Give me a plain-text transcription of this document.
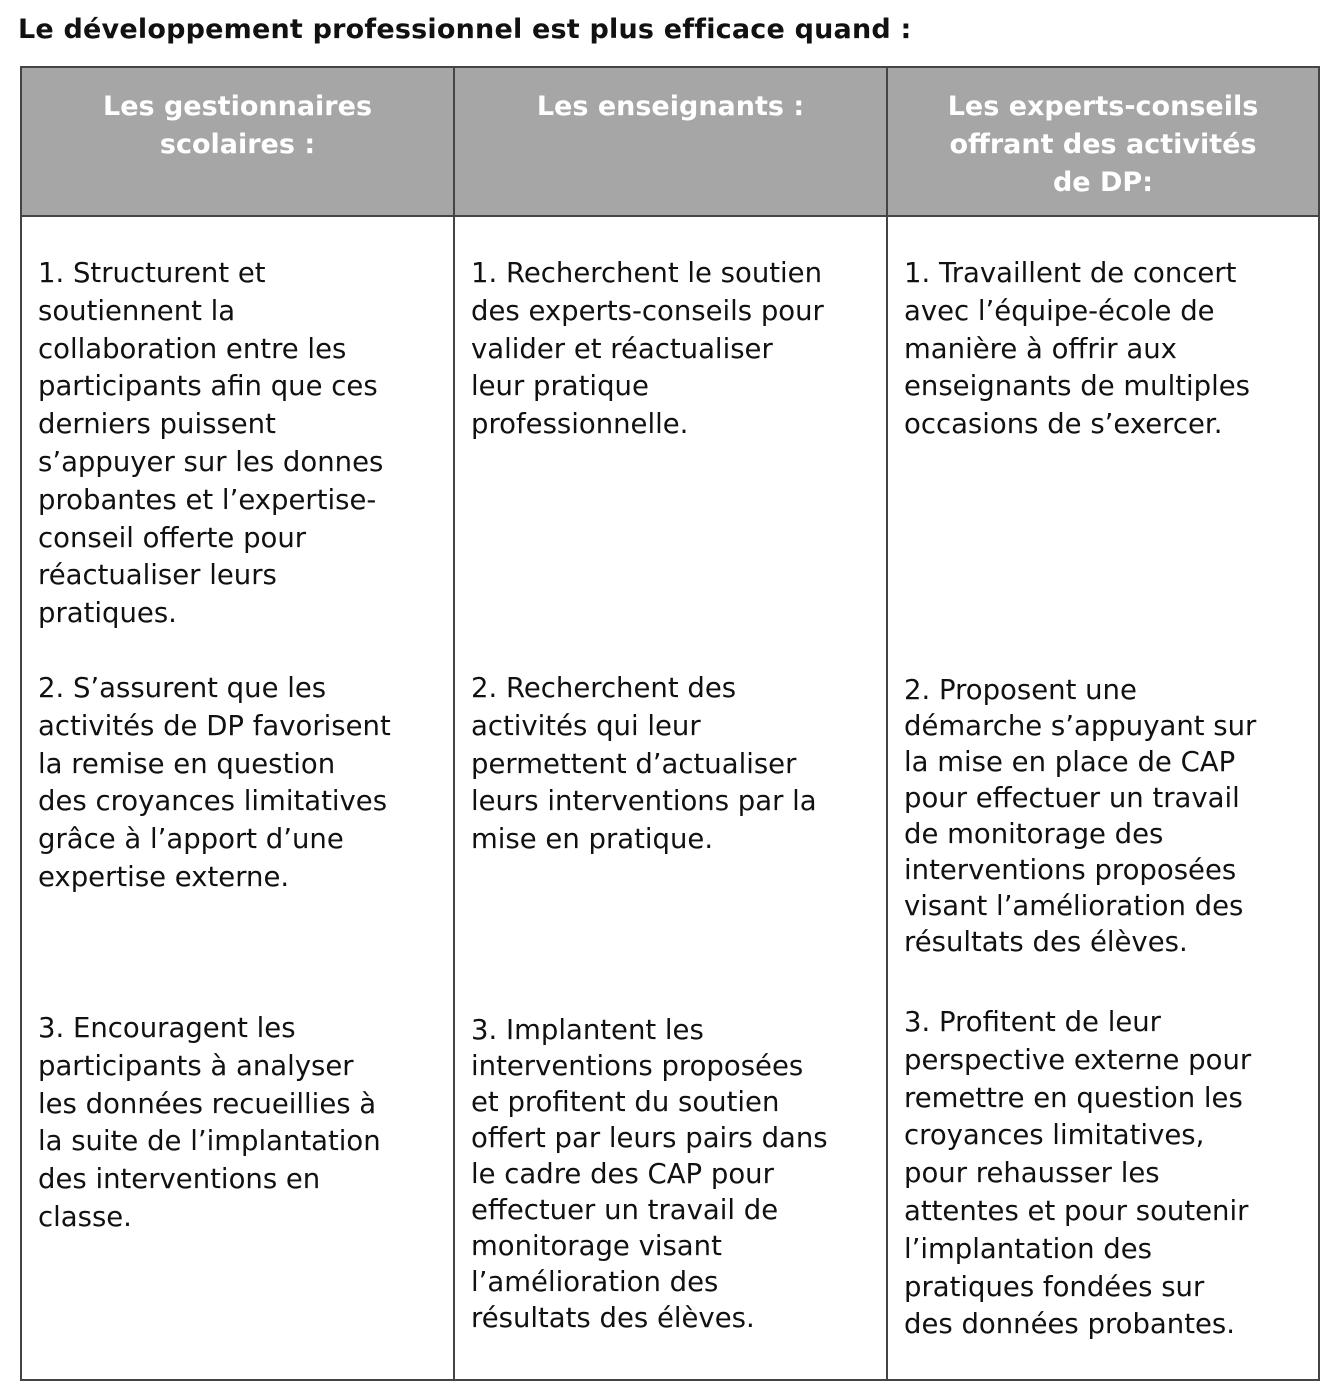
Le développement professionnel est plus efficace quand :
Les gestionnaires
scolaires :
Les enseignants :	Les experts-conseils
offrant des activités
de DP:
1. Structurent et
soutiennent la
collaboration entre les
participants afin que ces
derniers puissent
s’appuyer sur les donnes
probantes et l’expertise-
conseil offerte pour
réactualiser leurs
pratiques.
2. S’assurent que les
activités de DP favorisent
la remise en question
des croyances limitatives
grâce à l’apport d’une
expertise externe.
3. Encouragent les
participants à analyser
les données recueillies à
la suite de l’implantation
des interventions en
classe.
1. Recherchent le soutien
des experts-conseils pour
valider et réactualiser
leur pratique
professionnelle.
2. Recherchent des
activités qui leur
permettent d’actualiser
leurs interventions par la
mise en pratique.
3. Implantent les
interventions proposées
et profitent du soutien
offert par leurs pairs dans
le cadre des CAP pour
effectuer un travail de
monitorage visant
l’amélioration des
résultats des élèves.
1. Travaillent de concert
avec l’équipe-école de
manière à offrir aux
enseignants de multiples
occasions de s’exercer.
2. Proposent une
démarche s’appuyant sur
la mise en place de CAP
pour effectuer un travail
de monitorage des
interventions proposées
visant l’amélioration des
résultats des élèves.
3. Profitent de leur
perspective externe pour
remettre en question les
croyances limitatives,
pour rehausser les
attentes et pour soutenir
l’implantation des
pratiques fondées sur
des données probantes.
